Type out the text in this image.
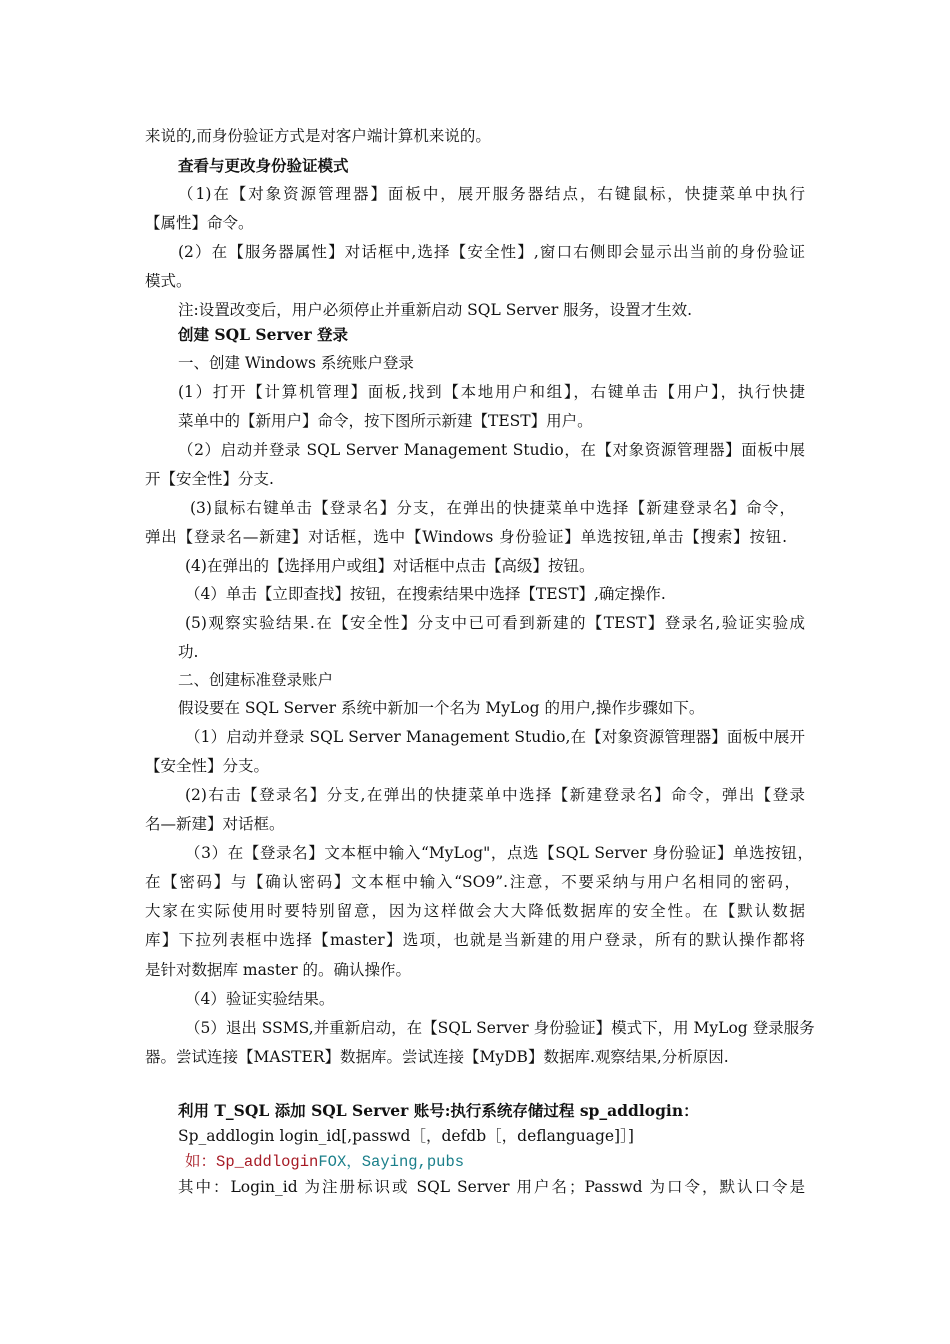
来说的,而身份验证方式是对客户端计算机来说的。
查看与更改身份验证模式
（1)在【对象资源管理器】面板中，展开服务器结点，右键鼠标，快捷菜单中执行
【属性】命令。
(2）在【服务器属性】对话框中,选择【安全性】,窗口右侧即会显示出当前的身份验证
模式。
注:设置改变后，用户必须停止并重新启动 SQL Server 服务，设置才生效.
创建 SQL Server 登录
一、创建 Windows 系统账户登录
(1）打开【计算机管理】面板,找到【本地用户和组】，右键单击【用户】，执行快捷
菜单中的【新用户】命令，按下图所示新建【TEST】用户。
（2）启动并登录 SQL Server Management Studio，在【对象资源管理器】面板中展
开【安全性】分支.
(3)鼠标右键单击【登录名】分支，在弹出的快捷菜单中选择【新建登录名】命令，
弹出【登录名—新建】对话框，选中【Windows 身份验证】单选按钮,单击【搜索】按钮.
(4)在弹出的【选择用户或组】对话框中点击【高级】按钮。
（4）单击【立即查找】按钮，在搜索结果中选择【TEST】,确定操作.
(5)观察实验结果.在【安全性】分支中已可看到新建的【TEST】登录名,验证实验成
功.
二、创建标准登录账户
假设要在 SQL Server 系统中新加一个名为 MyLog 的用户,操作步骤如下。
（1）启动并登录 SQL Server Management Studio,在【对象资源管理器】面板中展开
【安全性】分支。
(2)右击【登录名】分支,在弹出的快捷菜单中选择【新建登录名】命令，弹出【登录
名—新建】对话框。
（3）在【登录名】文本框中输入“MyLog"，点选【SQL Server 身份验证】单选按钮，
在【密码】与【确认密码】文本框中输入“SO9”.注意，不要采纳与用户名相同的密码，
大家在实际使用时要特别留意，因为这样做会大大降低数据库的安全性。在【默认数据
库】下拉列表框中选择【master】选项，也就是当新建的用户登录，所有的默认操作都将
是针对数据库 master 的。确认操作。
（4）验证实验结果。
（5）退出 SSMS,并重新启动，在【SQL Server 身份验证】模式下，用 MyLog 登录服务
器。尝试连接【MASTER】数据库。尝试连接【MyDB】数据库.观察结果,分析原因.
利用 T_SQL 添加 SQL Server 账号:执行系统存储过程 sp_addlogin：
Sp_addlogin login_id[,passwd［，defdb［，deflanguage]］]
如：Sp_addloginFOX，Saying,pubs
其中：Login_id 为注册标识或 SQL Server 用户名；Passwd 为口令，默认口令是
